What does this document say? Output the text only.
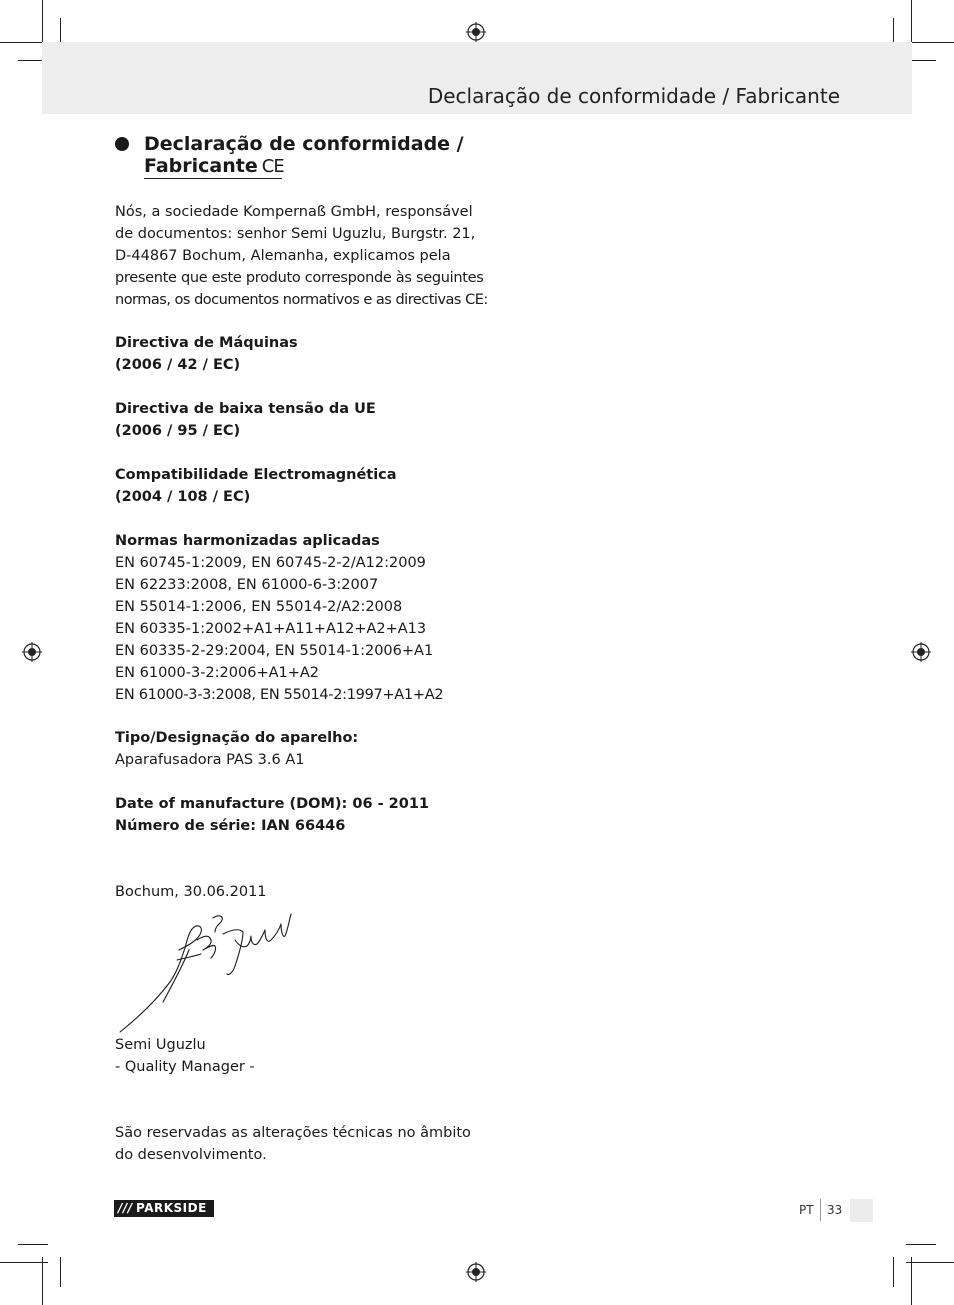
Declaração de conformidade / Fabricante
Declaração de conformidade /
Fabricante CE
Nós, a sociedade Kompernaß GmbH, responsável
de documentos: senhor Semi Uguzlu, Burgstr. 21,
D-44867 Bochum, Alemanha, explicamos pela
presente que este produto corresponde às seguintes
normas, os documentos normativos e as directivas CE:
Directiva de Máquinas
(2006 / 42 / EC)
Directiva de baixa tensão da UE
(2006 / 95 / EC)
Compatibilidade Electromagnética
(2004 / 108 / EC)
Normas harmonizadas aplicadas
EN 60745-1:2009, EN 60745-2-2/A12:2009
EN 62233:2008, EN 61000-6-3:2007
EN 55014-1:2006, EN 55014-2/A2:2008
EN 60335-1:2002+A1+A11+A12+A2+A13
EN 60335-2-29:2004, EN 55014-1:2006+A1
EN 61000-3-2:2006+A1+A2
EN 61000-3-3:2008, EN 55014-2:1997+A1+A2
Tipo/Designação do aparelho:
Aparafusadora PAS 3.6 A1
Date of manufacture (DOM): 06 - 2011
Número de série: IAN 66446
Bochum, 30.06.2011
Semi Uguzlu
- Quality Manager -
São reservadas as alterações técnicas no âmbito
do desenvolvimento.
/// PARKSIDE	PT 33
